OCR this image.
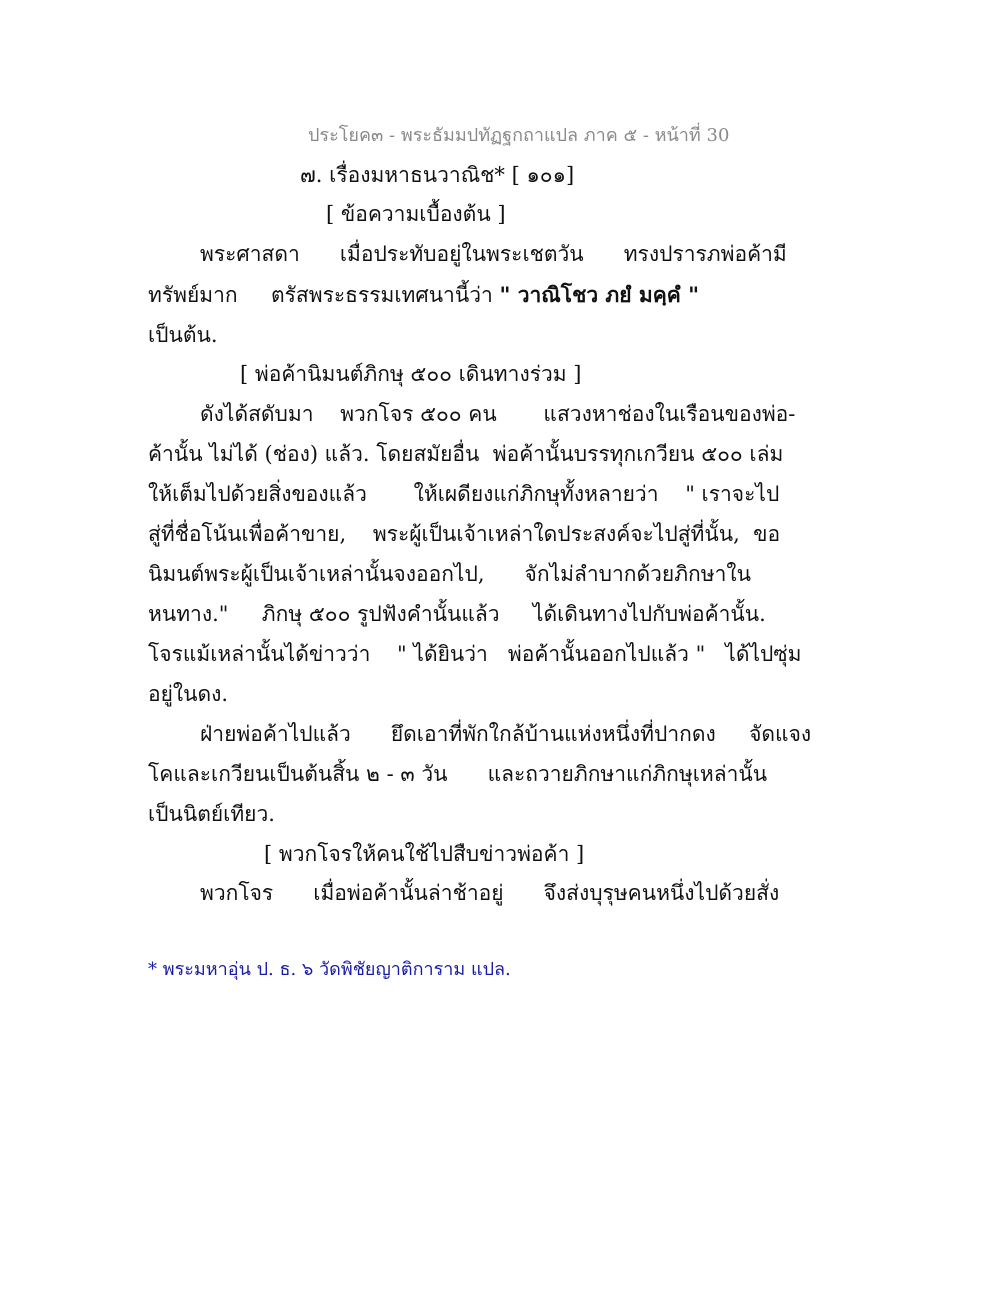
ประโยค๓ - พระธัมมปทัฏฐกถาแปล ภาค ๕ - หน้าที่ 30
๗. เรื่องมหาธนวาณิช* [ ๑๐๑]
[ ข้อความเบื้องต้น ]
พระศาสดา      เมื่อประทับอยู่ในพระเชตวัน      ทรงปรารภพ่อค้ามี
ทรัพย์มาก     ตรัสพระธรรมเทศนานี้ว่า " วาณิโชว ภยํ มคฺคํ "
เป็นต้น.
[ พ่อค้านิมนต์ภิกษุ ๕๐๐ เดินทางร่วม ]
ดังได้สดับมา    พวกโจร ๕๐๐ คน       แสวงหาช่องในเรือนของพ่อ-
ค้านั้น ไม่ได้ (ช่อง) แล้ว. โดยสมัยอื่น  พ่อค้านั้นบรรทุกเกวียน ๕๐๐ เล่ม
ให้เต็มไปด้วยสิ่งของแล้ว       ให้เผดียงแก่ภิกษุทั้งหลายว่า    " เราจะไป
สู่ที่ชื่อโน้นเพื่อค้าขาย,    พระผู้เป็นเจ้าเหล่าใดประสงค์จะไปสู่ที่นั้น,  ขอ
นิมนต์พระผู้เป็นเจ้าเหล่านั้นจงออกไป,      จักไม่ลำบากด้วยภิกษาใน
หนทาง."     ภิกษุ ๕๐๐ รูปฟังคำนั้นแล้ว     ได้เดินทางไปกับพ่อค้านั้น.
โจรแม้เหล่านั้นได้ข่าวว่า    " ได้ยินว่า   พ่อค้านั้นออกไปแล้ว "   ได้ไปซุ่ม
อยู่ในดง.
ฝ่ายพ่อค้าไปแล้ว      ยึดเอาที่พักใกล้บ้านแห่งหนึ่งที่ปากดง     จัดแจง
โคและเกวียนเป็นต้นสิ้น ๒ - ๓ วัน      และถวายภิกษาแก่ภิกษุเหล่านั้น
เป็นนิตย์เทียว.
[ พวกโจรให้คนใช้ไปสืบข่าวพ่อค้า ]
พวกโจร      เมื่อพ่อค้านั้นล่าช้าอยู่      จึงส่งบุรุษคนหนึ่งไปด้วยสั่ง
* พระมหาอุ่น ป. ธ. ๖ วัดพิชัยญาติการาม แปล.
